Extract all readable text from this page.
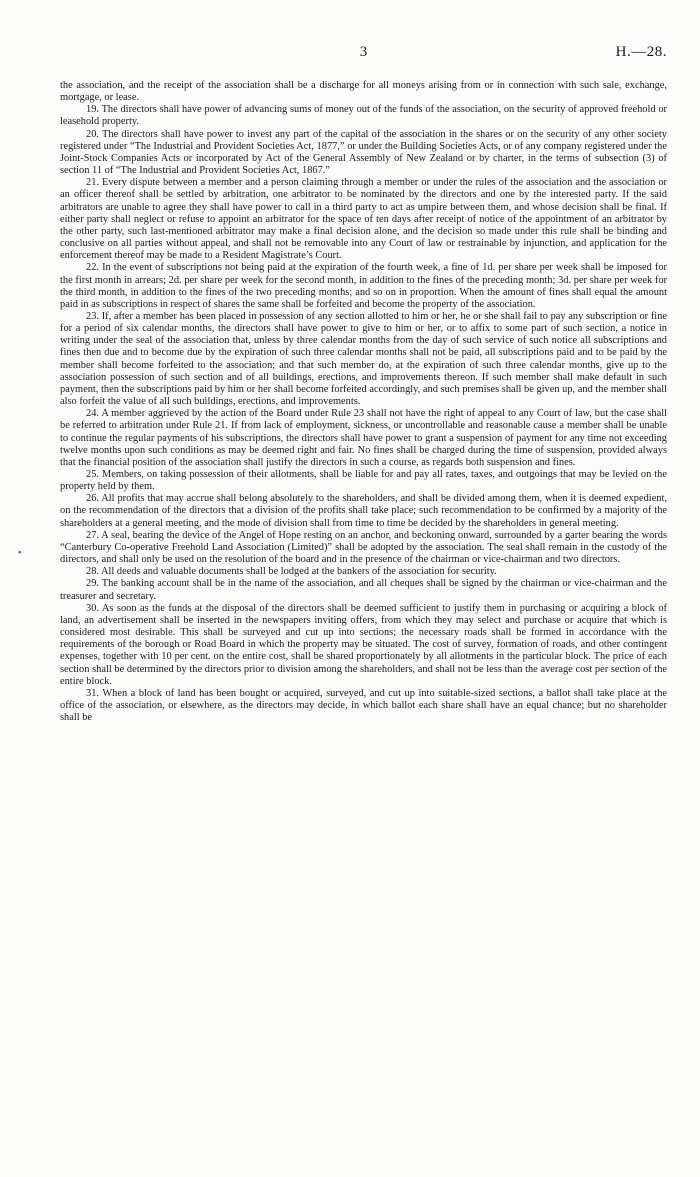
3	H.—28.
•

the association, and the receipt of the association shall be a discharge for all moneys arising from or in connection with such sale, exchange, mortgage, or lease.

19. The directors shall have power of advancing sums of money out of the funds of the association, on the security of approved freehold or leasehold property.

20. The directors shall have power to invest any part of the capital of the association in the shares or on the security of any other society registered under “The Industrial and Provident Societies Act, 1877,” or under the Building Societies Acts, or of any company registered under the Joint-Stock Companies Acts or incorporated by Act of the General Assembly of New Zealand or by charter, in the terms of subsection (3) of section 11 of “The Industrial and Provident Societies Act, 1867.”

21. Every dispute between a member and a person claiming through a member or under the rules of the association and the association or an officer thereof shall be settled by arbitration, one arbitrator to be nominated by the directors and one by the interested party. If the said arbitrators are unable to agree they shall have power to call in a third party to act as umpire between them, and whose decision shall be final. If either party shall neglect or refuse to appoint an arbitrator for the space of ten days after receipt of notice of the appointment of an arbitrator by the other party, such last-mentioned arbitrator may make a final decision alone, and the decision so made under this rule shall be binding and conclusive on all parties without appeal, and shall not be removable into any Court of law or restrainable by injunction, and application for the enforcement thereof may be made to a Resident Magistrate’s Court.

22. In the event of subscriptions not being paid at the expiration of the fourth week, a fine of 1d. per share per week shall be imposed for the first month in arrears; 2d. per share per week for the second month, in addition to the fines of the preceding month; 3d. per share per week for the third month, in addition to the fines of the two preceding months; and so on in proportion. When the amount of fines shall equal the amount paid in as subscriptions in respect of shares the same shall be forfeited and become the property of the association.

23. If, after a member has been placed in possession of any section allotted to him or her, he or she shall fail to pay any subscription or fine for a period of six calendar months, the directors shall have power to give to him or her, or to affix to some part of such section, a notice in writing under the seal of the association that, unless by three calendar months from the day of such service of such notice all subscriptions and fines then due and to become due by the expiration of such three calendar months shall not be paid, all subscriptions paid and to be paid by the member shall become forfeited to the association; and that such member do, at the expiration of such three calendar months, give up to the association possession of such section and of all buildings, erections, and improvements thereon. If such member shall make default in such payment, then the subscriptions paid by him or her shall become forfeited accordingly, and such premises shall be given up, and the member shall also forfeit the value of all such buildings, erections, and improvements.

24. A member aggrieved by the action of the Board under Rule 23 shall not have the right of appeal to any Court of law, but the case shall be referred to arbitration under Rule 21. If from lack of employment, sickness, or uncontrollable and reasonable cause a member shall be unable to continue the regular payments of his subscriptions, the directors shall have power to grant a suspension of payment for any time not exceeding twelve months upon such conditions as may be deemed right and fair. No fines shall be charged during the time of suspension, provided always that the financial position of the association shall justify the directors in such a course, as regards both suspension and fines.

25. Members, on taking possession of their allotments, shall be liable for and pay all rates, taxes, and outgoings that may be levied on the property held by them.

26. All profits that may accrue shall belong absolutely to the shareholders, and shall be divided among them, when it is deemed expedient, on the recommendation of the directors that a division of the profits shall take place; such recommendation to be confirmed by a majority of the shareholders at a general meeting, and the mode of division shall from time to time be decided by the shareholders in general meeting.

27. A seal, bearing the device of the Angel of Hope resting on an anchor, and beckoning onward, surrounded by a garter bearing the words “Canterbury Co-operative Freehold Land Association (Limited)” shall be adopted by the association. The seal shall remain in the custody of the directors, and shall only be used on the resolution of the board and in the presence of the chairman or vice-chairman and two directors.

28. All deeds and valuable documents shall be lodged at the bankers of the association for security.

29. The banking account shall be in the name of the association, and all cheques shall be signed by the chairman or vice-chairman and the treasurer and secretary.

30. As soon as the funds at the disposal of the directors shall be deemed sufficient to justify them in purchasing or acquiring a block of land, an advertisement shall be inserted in the newspapers inviting offers, from which they may select and purchase or acquire that which is considered most desirable. This shall be surveyed and cut up into sections; the necessary roads shall be formed in accordance with the requirements of the borough or Road Board in which the property may be situated. The cost of survey, formation of roads, and other contingent expenses, together with 10 per cent. on the entire cost, shall be shared proportionately by all allotments in the particular block. The price of each section shall be determined by the directors prior to division among the shareholders, and shall not be less than the average cost per section of the entire block.

31. When a block of land has been bought or acquired, surveyed, and cut up into suitable-sized sections, a ballot shall take place at the office of the association, or elsewhere, as the directors may decide, in which ballot each share shall have an equal chance; but no shareholder shall be
